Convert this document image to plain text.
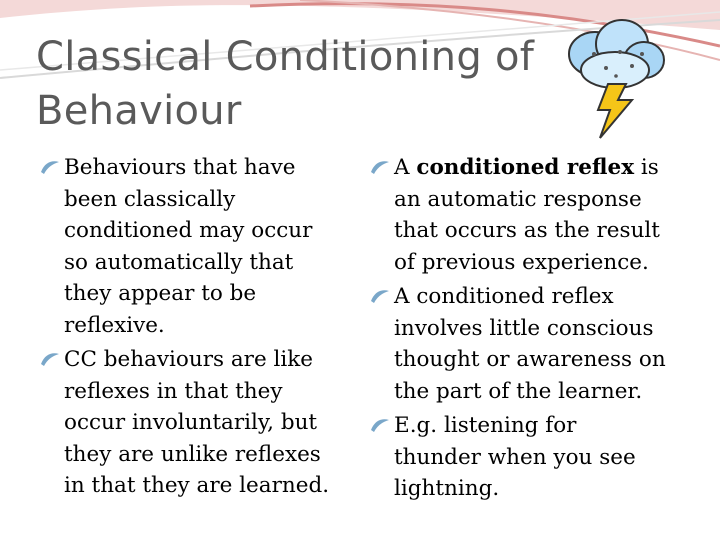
Classical Conditioning of
Behaviour
Behaviours that have
been classically
conditioned may occur
so automatically that
they appear to be
reflexive.
CC behaviours are like
reflexes in that they
occur involuntarily, but
they are unlike reflexes
in that they are learned.
A conditioned reflex is
an automatic response
that occurs as the result
of previous experience.
A conditioned reflex
involves little conscious
thought or awareness on
the part of the learner.
E.g. listening for
thunder when you see
lightning.
